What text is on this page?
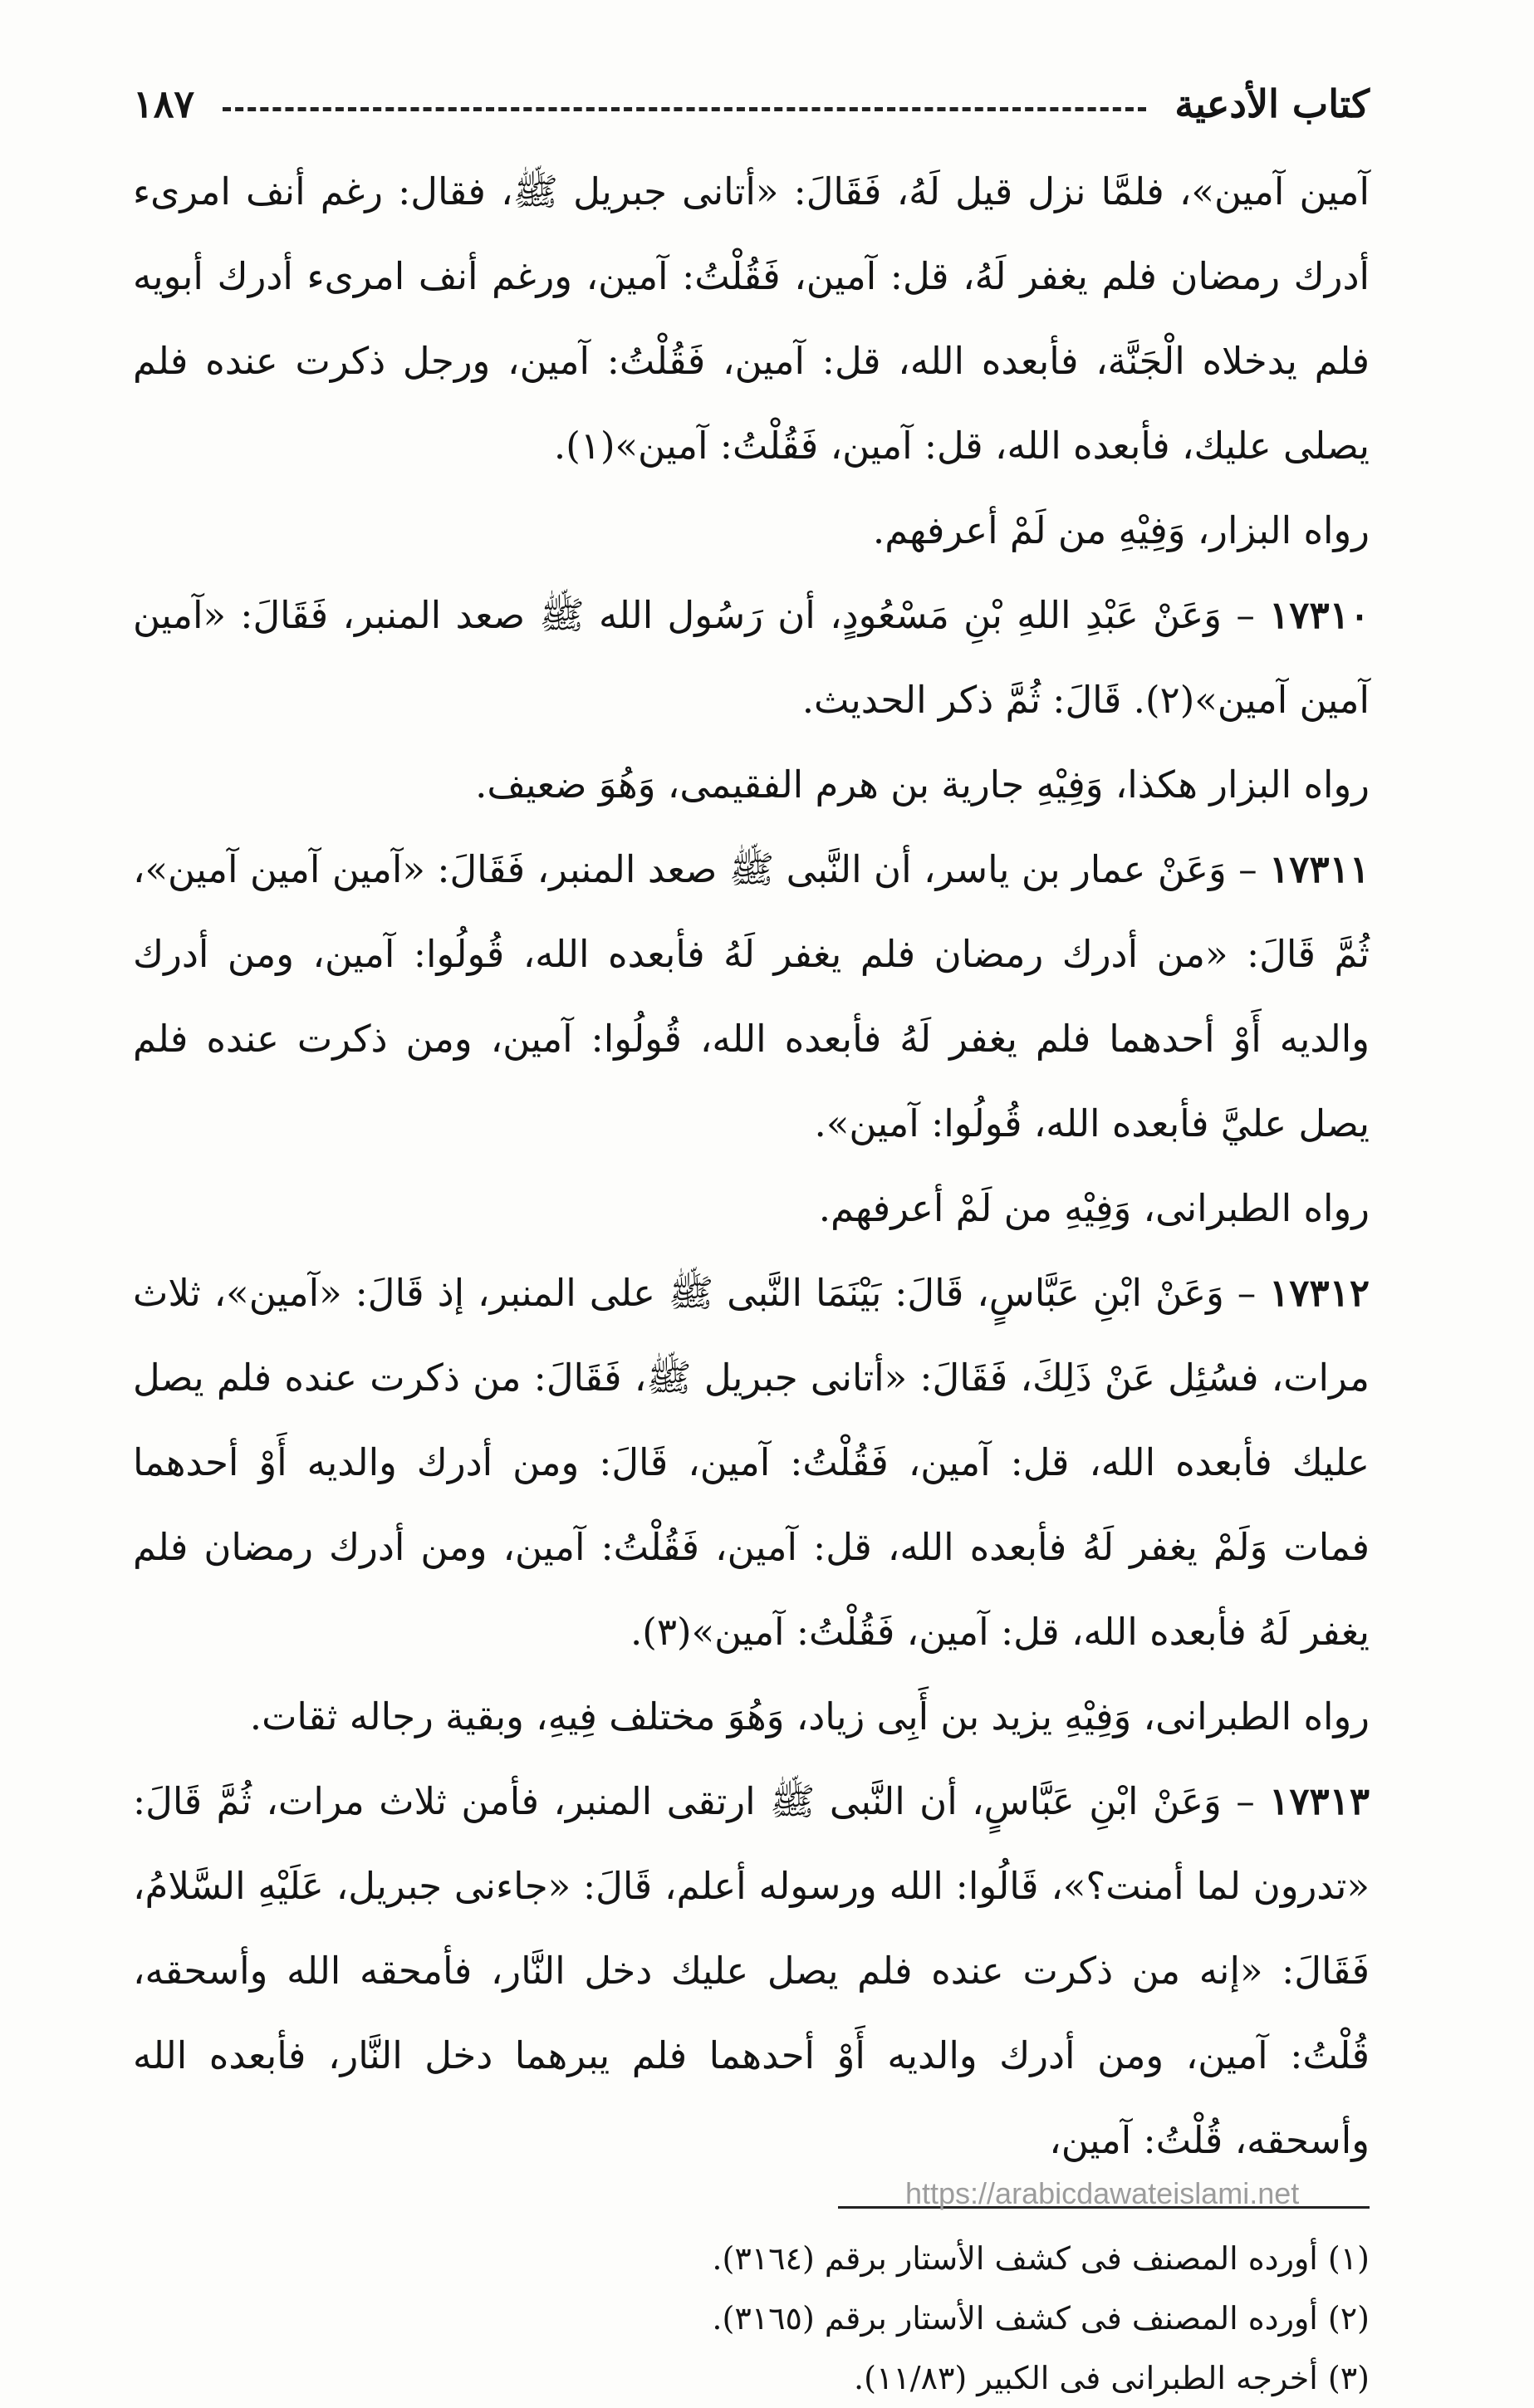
كتاب الأدعية
١٨٧

آمين آمين»، فلمَّا نزل قيل لَهُ، فَقَالَ: «أتانى جبريل ﷺ، فقال: رغم أنف امرىء أدرك رمضان فلم يغفر لَهُ، قل: آمين، فَقُلْتُ: آمين، ورغم أنف امرىء أدرك أبويه فلم يدخلاه الْجَنَّة، فأبعده الله، قل: آمين، فَقُلْتُ: آمين، ورجل ذكرت عنده فلم يصلى عليك، فأبعده الله، قل: آمين، فَقُلْتُ: آمين»(١).

رواه البزار، وَفِيْهِ من لَمْ أعرفهم.

١٧٣١٠ – وَعَنْ عَبْدِ اللهِ بْنِ مَسْعُودٍ، أن رَسُول الله ﷺ صعد المنبر، فَقَالَ: «آمين آمين آمين»(٢). قَالَ: ثُمَّ ذكر الحديث.

رواه البزار هكذا، وَفِيْهِ جارية بن هرم الفقيمى، وَهُوَ ضعيف.

١٧٣١١ – وَعَنْ عمار بن ياسر، أن النَّبى ﷺ صعد المنبر، فَقَالَ: «آمين آمين آمين»، ثُمَّ قَالَ: «من أدرك رمضان فلم يغفر لَهُ فأبعده الله، قُولُوا: آمين، ومن أدرك والديه أَوْ أحدهما فلم يغفر لَهُ فأبعده الله، قُولُوا: آمين، ومن ذكرت عنده فلم يصل عليَّ فأبعده الله، قُولُوا: آمين».

رواه الطبرانى، وَفِيْهِ من لَمْ أعرفهم.

١٧٣١٢ – وَعَنْ ابْنِ عَبَّاسٍ، قَالَ: بَيْنَمَا النَّبى ﷺ على المنبر، إذ قَالَ: «آمين»، ثلاث مرات، فسُئِل عَنْ ذَلِكَ، فَقَالَ: «أتانى جبريل ﷺ، فَقَالَ: من ذكرت عنده فلم يصل عليك فأبعده الله، قل: آمين، فَقُلْتُ: آمين، قَالَ: ومن أدرك والديه أَوْ أحدهما فمات وَلَمْ يغفر لَهُ فأبعده الله، قل: آمين، فَقُلْتُ: آمين، ومن أدرك رمضان فلم يغفر لَهُ فأبعده الله، قل: آمين، فَقُلْتُ: آمين»(٣).

رواه الطبرانى، وَفِيْهِ يزيد بن أَبِى زياد، وَهُوَ مختلف فِيهِ، وبقية رجاله ثقات.

١٧٣١٣ – وَعَنْ ابْنِ عَبَّاسٍ، أن النَّبى ﷺ ارتقى المنبر، فأمن ثلاث مرات، ثُمَّ قَالَ: «تدرون لما أمنت؟»، قَالُوا: الله ورسوله أعلم، قَالَ: «جاءنى جبريل، عَلَيْهِ السَّلامُ، فَقَالَ: «إنه من ذكرت عنده فلم يصل عليك دخل النَّار، فأمحقه الله وأسحقه، قُلْتُ: آمين، ومن أدرك والديه أَوْ أحدهما فلم يبرهما دخل النَّار، فأبعده الله وأسحقه، قُلْتُ: آمين،

(١) أورده المصنف فى كشف الأستار برقم (٣١٦٤).

(٢) أورده المصنف فى كشف الأستار برقم (٣١٦٥).

(٣) أخرجه الطبرانى فى الكبير (١١/٨٣).

https://arabicdawateislami.net
